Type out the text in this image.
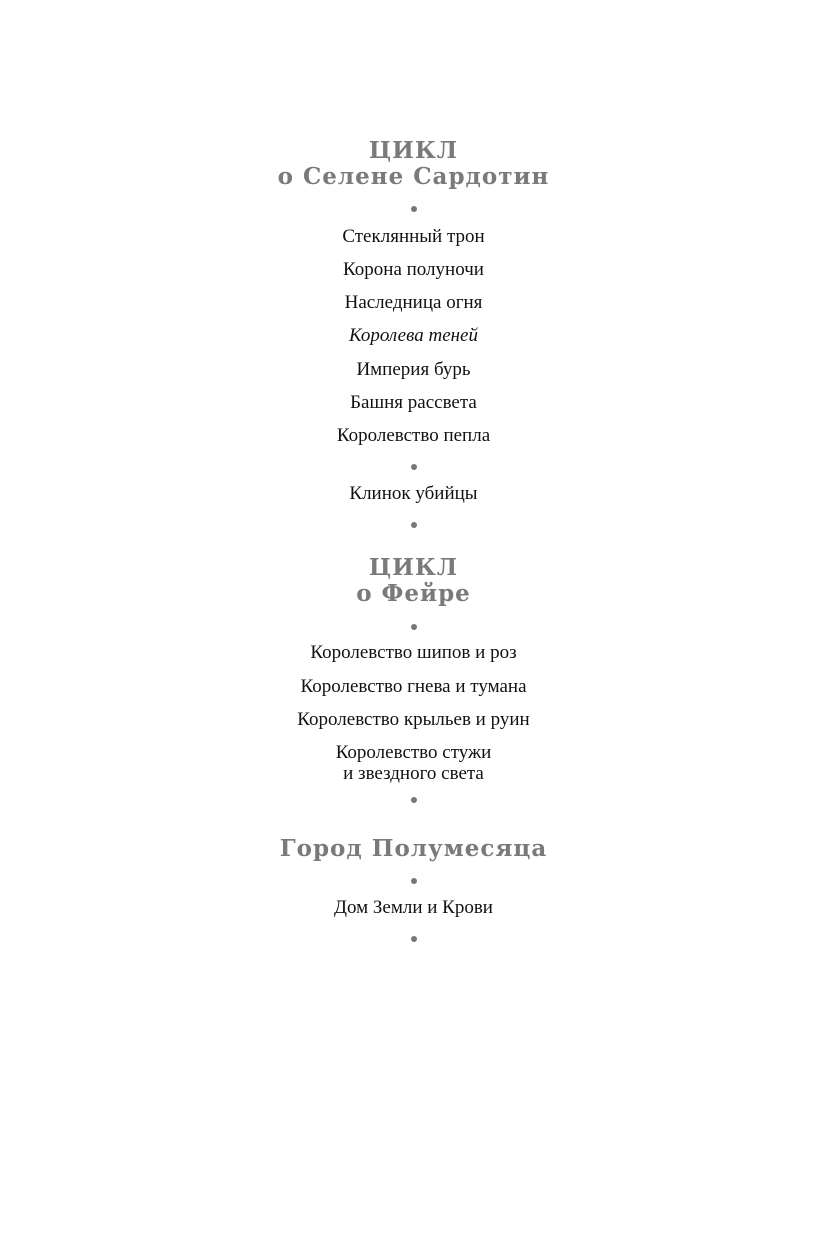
ЦИКЛ
о Селене Сардотин
Стеклянный трон
Корона полуночи
Наследница огня
Королева теней
Империя бурь
Башня рассвета
Королевство пепла
Клинок убийцы
ЦИКЛ
о Фейре
Королевство шипов и роз
Королевство гнева и тумана
Королевство крыльев и руин
Королевство стужи
и звездного света
Город Полумесяца
Дом Земли и Крови
